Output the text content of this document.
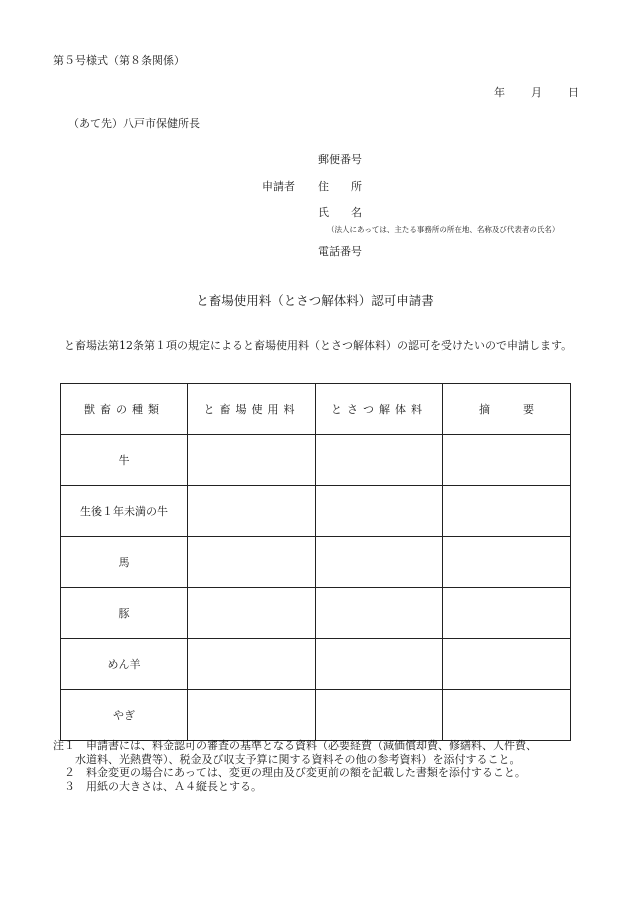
第５号様式（第８条関係）
年 月 日
（あて先）八戸市保健所長
郵便番号
申請者 住　　所
氏　　名
（法人にあっては、主たる事務所の所在地、名称及び代表者の氏名）
電話番号
と畜場使用料（とさつ解体料）認可申請書
と畜場法第12条第１項の規定によると畜場使用料（とさつ解体料）の認可を受けたいので申請します。
獣畜の種類	と畜場使用料	とさつ解体料	摘　　　要
牛			
生後１年未満の牛			
馬			
豚			
めん羊			
やぎ			
注１　申請書には、料金認可の審査の基準となる資料（必要経費（減価償却費、修繕料、人件費、
　　水道料、光熱費等）、税金及び収支予算に関する資料その他の参考資料）を添付すること。
　２　料金変更の場合にあっては、変更の理由及び変更前の額を記載した書類を添付すること。
　３　用紙の大きさは、Ａ４縦長とする。
